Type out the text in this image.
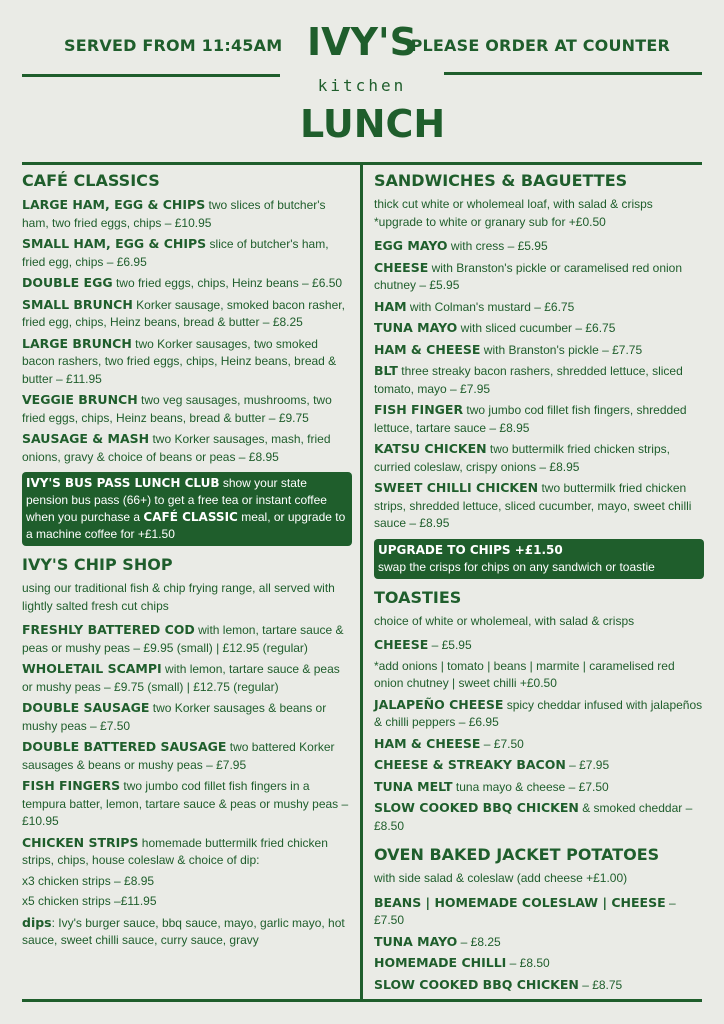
SERVED FROM 11:45AM	PLEASE ORDER AT COUNTER
IVY'S
kitchen
LUNCH
CAFÉ CLASSICS
LARGE HAM, EGG & CHIPS two slices of butcher's ham, two fried eggs, chips – £10.95
SMALL HAM, EGG & CHIPS slice of butcher's ham, fried egg, chips – £6.95
DOUBLE EGG two fried eggs, chips, Heinz beans – £6.50
SMALL BRUNCH Korker sausage, smoked bacon rasher, fried egg, chips, Heinz beans, bread & butter – £8.25
LARGE BRUNCH two Korker sausages, two smoked bacon rashers, two fried eggs, chips, Heinz beans, bread & butter – £11.95
VEGGIE BRUNCH two veg sausages, mushrooms, two fried eggs, chips, Heinz beans, bread & butter – £9.75
SAUSAGE & MASH two Korker sausages, mash, fried onions, gravy & choice of beans or peas – £8.95
IVY'S BUS PASS LUNCH CLUB show your state pension bus pass (66+) to get a free tea or instant coffee when you purchase a CAFÉ CLASSIC meal, or upgrade to a machine coffee for +£1.50
IVY'S CHIP SHOP
using our traditional fish & chip frying range, all served with lightly salted fresh cut chips
FRESHLY BATTERED COD with lemon, tartare sauce & peas or mushy peas – £9.95 (small) | £12.95 (regular)
WHOLETAIL SCAMPI with lemon, tartare sauce & peas or mushy peas – £9.75 (small) | £12.75 (regular)
DOUBLE SAUSAGE two Korker sausages & beans or mushy peas – £7.50
DOUBLE BATTERED SAUSAGE two battered Korker sausages & beans or mushy peas – £7.95
FISH FINGERS two jumbo cod fillet fish fingers in a tempura batter, lemon, tartare sauce & peas or mushy peas – £10.95
CHICKEN STRIPS homemade buttermilk fried chicken strips, chips, house coleslaw & choice of dip:
x3 chicken strips – £8.95
x5 chicken strips –£11.95
dips: Ivy's burger sauce, bbq sauce, mayo, garlic mayo, hot sauce, sweet chilli sauce, curry sauce, gravy
SANDWICHES & BAGUETTES
thick cut white or wholemeal loaf, with salad & crisps
*upgrade to white or granary sub for +£0.50
EGG MAYO with cress – £5.95
CHEESE with Branston's pickle or caramelised red onion chutney – £5.95
HAM with Colman's mustard – £6.75
TUNA MAYO with sliced cucumber – £6.75
HAM & CHEESE with Branston's pickle – £7.75
BLT three streaky bacon rashers, shredded lettuce, sliced tomato, mayo – £7.95
FISH FINGER two jumbo cod fillet fish fingers, shredded lettuce, tartare sauce – £8.95
KATSU CHICKEN two buttermilk fried chicken strips, curried coleslaw, crispy onions – £8.95
SWEET CHILLI CHICKEN two buttermilk fried chicken strips, shredded lettuce, sliced cucumber, mayo, sweet chilli sauce – £8.95
UPGRADE TO CHIPS +£1.50
swap the crisps for chips on any sandwich or toastie
TOASTIES
choice of white or wholemeal, with salad & crisps
CHEESE – £5.95
*add onions | tomato | beans | marmite | caramelised red onion chutney | sweet chilli +£0.50
JALAPEÑO CHEESE spicy cheddar infused with jalapeños & chilli peppers – £6.95
HAM & CHEESE – £7.50
CHEESE & STREAKY BACON – £7.95
TUNA MELT tuna mayo & cheese – £7.50
SLOW COOKED BBQ CHICKEN & smoked cheddar – £8.50
OVEN BAKED JACKET POTATOES
with side salad & coleslaw (add cheese +£1.00)
BEANS | HOMEMADE COLESLAW | CHEESE – £7.50
TUNA MAYO – £8.25
HOMEMADE CHILLI – £8.50
SLOW COOKED BBQ CHICKEN – £8.75
